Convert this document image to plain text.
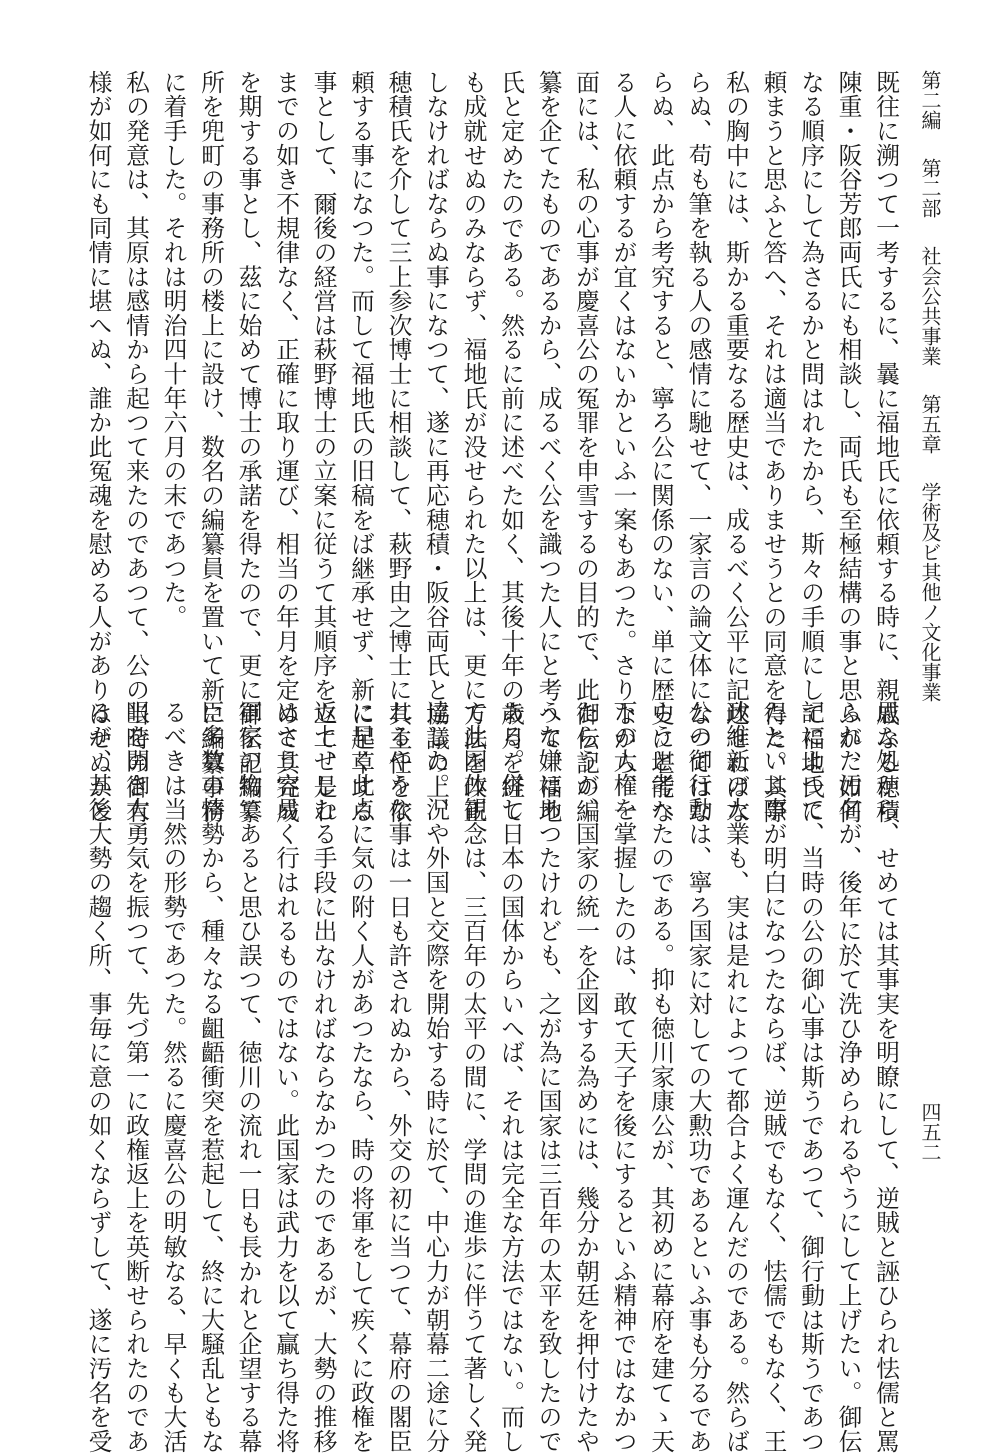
第二編第二部社会公共事業第五章学術及ビ其他ノ文化事業
四五二
既往に溯つて一考するに、曩に福地氏に依頼する時に、親戚なる穂積
陳重・阪谷芳郎両氏にも相談し、両氏も至極結構の事と思ふが、如何
なる順序にして為さるかと問はれたから、斯々の手順にして福地氏に
頼まうと思ふと答へ、それは適当でありませうとの同意を得た。其際
私の胸中には、斯かる重要なる歴史は、成るべく公平に記述せねばな
らぬ、苟も筆を執る人の感情に馳せて、一家言の論文体になつてはな
らぬ、此点から考究すると、寧ろ公に関係のない、単に歴史に堪能な
る人に依頼するが宜くはないかといふ一案もあつた。さりながら、一
面には、私の心事が慶喜公の冤罪を申雪するの目的で、此御伝記の編
纂を企てたものであるから、成るべく公を識つた人にと考へて、福地
氏と定めたのである。然るに前に述べた如く、其後十年の歳月を経て
も成就せぬのみならず、福地氏が没せられた以上は、更に方法を改正
しなければならぬ事になつて、遂に再応穂積・阪谷両氏と協議の上、
穂積氏を介して三上参次博士に相談して、萩野由之博士に其主任を依
頼する事になつた。而して福地氏の旧稿をば継承せず、新に起草する
事として、爾後の経営は萩野博士の立案に従うて其順序を立て、是れ
までの如き不規律なく、正確に取り運び、相当の年月を定めて其完成
を期する事とし、茲に始めて博士の承諾を得たので、更に御伝記編纂
所を兜町の事務所の楼上に設け、数名の編纂員を置いて新に編纂事務
に着手した。それは明治四十年六月の末であつた。
私の発意は、其原は感情から起つて来たのであつて、公の当時の御有
様が如何にも同情に堪へぬ、誰か此冤魂を慰める人がありはせぬかと
思ふ処から、せめては其事実を明瞭にして、逆賊と誣ひられ怯儒と罵
られた汚名が、後年に於て洗ひ浄められるやうにして上げたい。御伝
記によつて、当時の公の御心事は斯うであつて、御行動は斯うであつ
たといふ事が明白になつたならば、逆賊でもなく、怯儒でもなく、王
政維新の大業も、実は是れによつて都合よく運んだのである。然らば
公の御行動は、寧ろ国家に対しての大勲功であるといふ事も分るであ
らうと考へたのである。抑も徳川家康公が、其初めに幕府を建てゝ天
下の大権を掌握したのは、敢て天子を後にするといふ精神ではなかつ
たらうが、国家の統一を企図する為めには、幾分か朝廷を押付けたや
うな嫌はあつたけれども、之が為に国家は三百年の太平を致したので
ある。併し日本の国体からいへば、それは完全な方法ではない。而し
て此国体観念は、三百年の太平の間に、学問の進歩に伴うて著しく発
達した。況や外国と交際を開始する時に於て、中心力が朝幕二途に分
れるやうな事は一日も許されぬから、外交の初に当つて、幕府の閣臣
に早く此点に気の附く人があつたなら、時の将軍をして疾くに政権を
返上せしむる手段に出なければならなかつたのであるが、大勢の推移
はさう容易く行はれるものではない。此国家は武力を以て贏ち得た将
軍家の物であると思ひ誤つて、徳川の流れ一日も長かれと企望する幕
臣多数の情勢から、種々なる齟齬衝突を惹起して、終に大騒乱ともな
るべきは当然の形勢であつた。然るに慶喜公の明敏なる、早くも大活
眼を開き大勇気を振つて、先づ第一に政権返上を英断せられたのであ
るが、其後大勢の趨く所、事毎に意の如くならずして、遂に汚名を受
